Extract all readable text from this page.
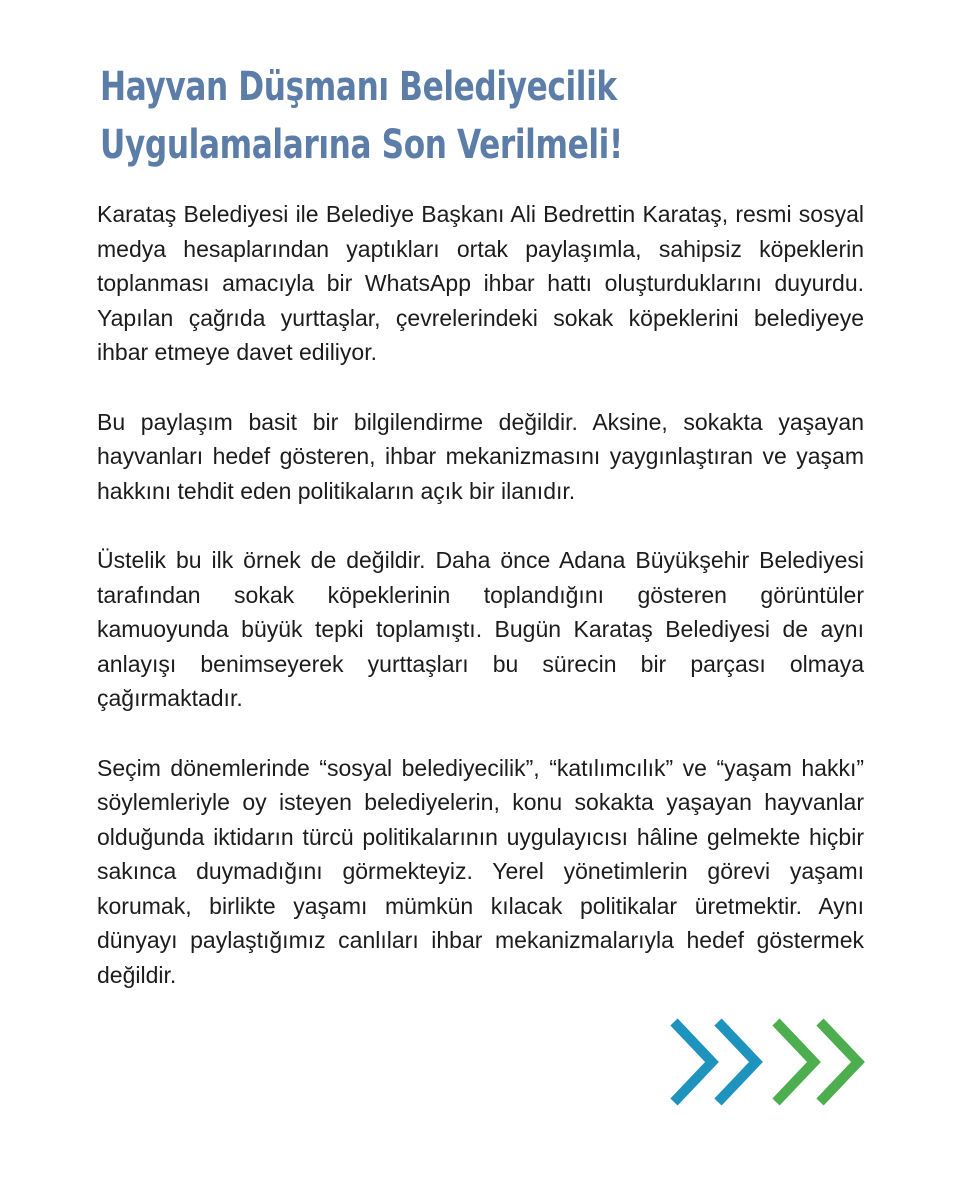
Hayvan Düşmanı Belediyecilik Uygulamalarına Son Verilmeli!

Karataş Belediyesi ile Belediye Başkanı Ali Bedrettin Karataş, resmi sosyal medya hesaplarından yaptıkları ortak paylaşımla, sahipsiz köpeklerin toplanması amacıyla bir WhatsApp ihbar hattı oluşturduklarını duyurdu. Yapılan çağrıda yurttaşlar, çevrelerindeki sokak köpeklerini belediyeye ihbar etmeye davet ediliyor.

Bu paylaşım basit bir bilgilendirme değildir. Aksine, sokakta yaşayan hayvanları hedef gösteren, ihbar mekanizmasını yaygınlaştıran ve yaşam hakkını tehdit eden politikaların açık bir ilanıdır.

Üstelik bu ilk örnek de değildir. Daha önce Adana Büyükşehir Belediyesi tarafından sokak köpeklerinin toplandığını gösteren görüntüler kamuoyunda büyük tepki toplamıştı. Bugün Karataş Belediyesi de aynı anlayışı benimseyerek yurttaşları bu sürecin bir parçası olmaya çağırmaktadır.

Seçim dönemlerinde “sosyal belediyecilik”, “katılımcılık” ve “yaşam hakkı” söylemleriyle oy isteyen belediyelerin, konu sokakta yaşayan hayvanlar olduğunda iktidarın türcü politikalarının uygulayıcısı hâline gelmekte hiçbir sakınca duymadığını görmekteyiz. Yerel yönetimlerin görevi yaşamı korumak, birlikte yaşamı mümkün kılacak politikalar üretmektir. Aynı dünyayı paylaştığımız canlıları ihbar mekanizmalarıyla hedef göstermek değildir.
